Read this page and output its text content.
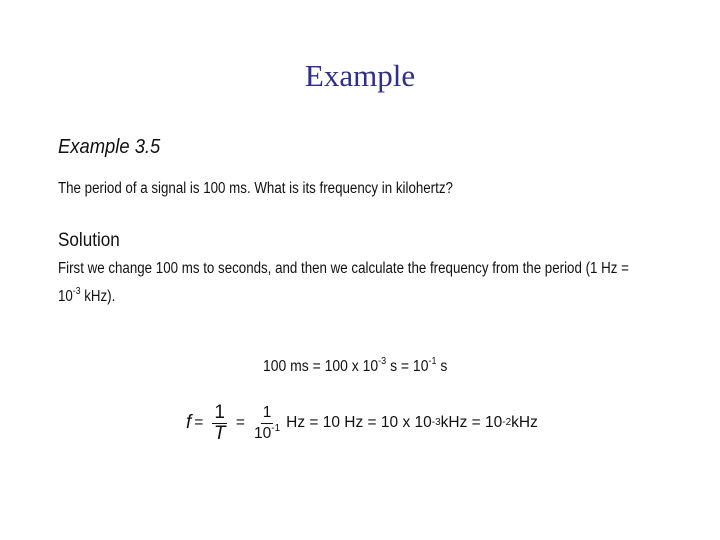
Example
Example 3.5
The period of a signal is 100 ms. What is its frequency in kilohertz?
Solution
First we change 100 ms to seconds, and then we calculate the frequency from the period (1 Hz =
$10^{-3}$ kHz).
100 ms = 100 x $10^{-3}$ $s = 10^{-1}$ s
$f = \frac{1}{T} = \frac{1}{10^{-1}}$ Hz = 10 Hz = 10 x 10 -3 kHz = 10 -2 kHz
